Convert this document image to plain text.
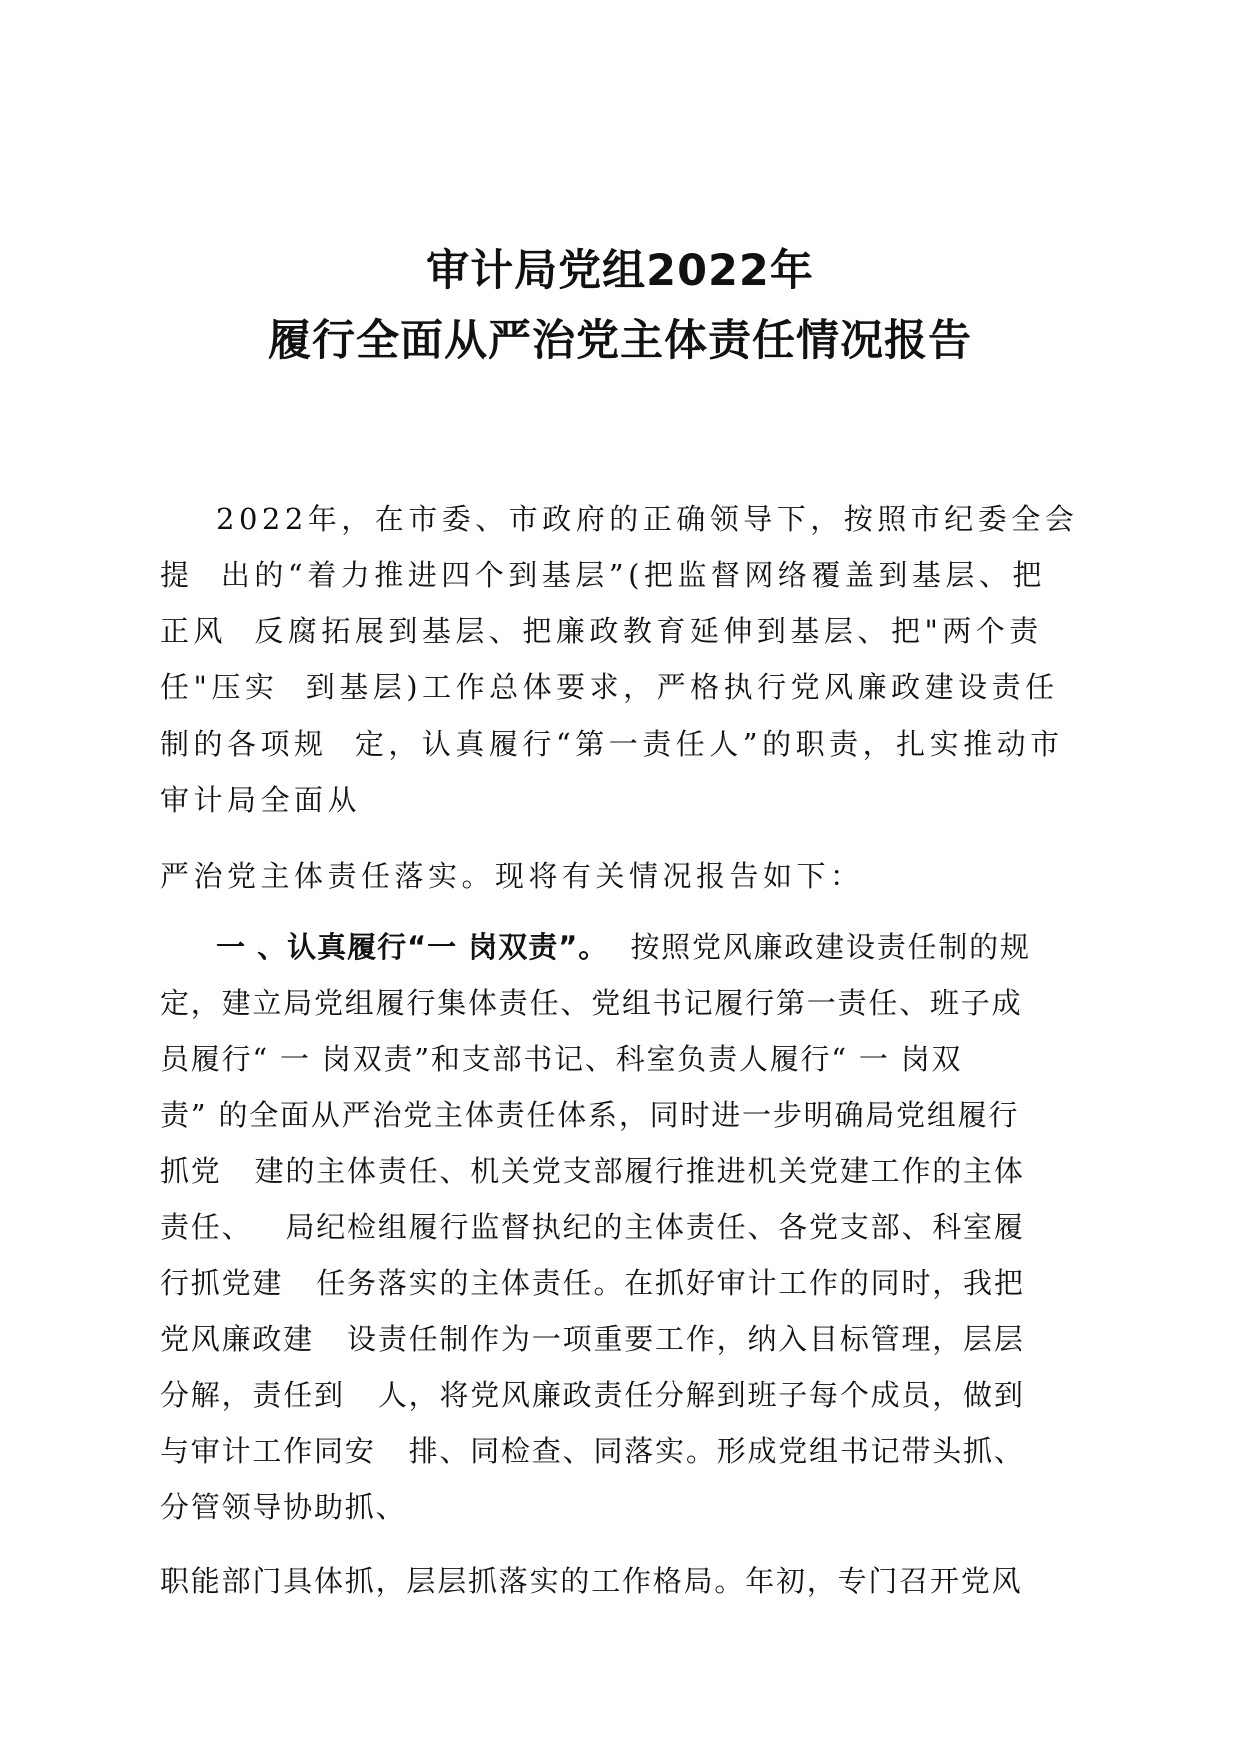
审计局党组2022年
履行全面从严治党主体责任情况报告
2022年，在市委、市政府的正确领导下，按照市纪委全会
提  出的“着力推进四个到基层”(把监督网络覆盖到基层、把
正风  反腐拓展到基层、把廉政教育延伸到基层、把"两个责
任"压实  到基层)工作总体要求，严格执行党风廉政建设责任
制的各项规  定，认真履行“第一责任人”的职责，扎实推动市
审计局全面从
严治党主体责任落实。现将有关情况报告如下：
一 、认真履行“一 岗双责”。 按照党风廉政建设责任制的规
定，建立局党组履行集体责任、党组书记履行第一责任、班子成
员履行“ 一 岗双责”和支部书记、科室负责人履行“ 一 岗双
责” 的全面从严治党主体责任体系，同时进一步明确局党组履行
抓党   建的主体责任、机关党支部履行推进机关党建工作的主体
责任、   局纪检组履行监督执纪的主体责任、各党支部、科室履
行抓党建   任务落实的主体责任。在抓好审计工作的同时，我把
党风廉政建   设责任制作为一项重要工作，纳入目标管理，层层
分解，责任到   人，将党风廉政责任分解到班子每个成员，做到
与审计工作同安   排、同检查、同落实。形成党组书记带头抓、
分管领导协助抓、
职能部门具体抓，层层抓落实的工作格局。年初，专门召开党风
